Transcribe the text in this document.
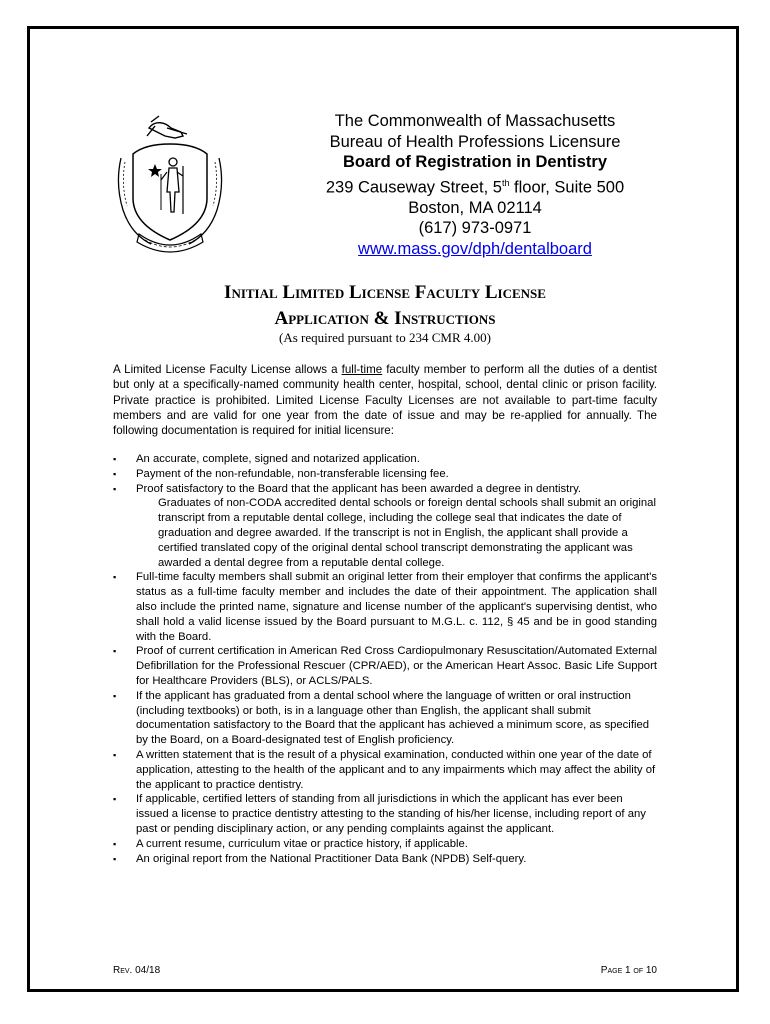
The Commonwealth of Massachusetts
Bureau of Health Professions Licensure
Board of Registration in Dentistry
239 Causeway Street, 5th floor, Suite 500
Boston, MA 02114
(617) 973-0971
www.mass.gov/dph/dentalboard
Initial Limited License Faculty License
Application & Instructions
(As required pursuant to 234 CMR 4.00)
A Limited License Faculty License allows a full-time faculty member to perform all the duties of a dentist but only at a specifically-named community health center, hospital, school, dental clinic or prison facility. Private practice is prohibited. Limited License Faculty Licenses are not available to part-time faculty members and are valid for one year from the date of issue and may be re-applied for annually. The following documentation is required for initial licensure:
▪ An accurate, complete, signed and notarized application.
▪ Payment of the non-refundable, non-transferable licensing fee.
▪ Proof satisfactory to the Board that the applicant has been awarded a degree in dentistry.
Graduates of non-CODA accredited dental schools or foreign dental schools shall submit an original transcript from a reputable dental college, including the college seal that indicates the date of graduation and degree awarded. If the transcript is not in English, the applicant shall provide a certified translated copy of the original dental school transcript demonstrating the applicant was awarded a dental degree from a reputable dental college.
▪ Full-time faculty members shall submit an original letter from their employer that confirms the applicant's status as a full-time faculty member and includes the date of their appointment. The application shall also include the printed name, signature and license number of the applicant's supervising dentist, who shall hold a valid license issued by the Board pursuant to M.G.L. c. 112, § 45 and be in good standing with the Board.
▪ Proof of current certification in American Red Cross Cardiopulmonary Resuscitation/Automated External Defibrillation for the Professional Rescuer (CPR/AED), or the American Heart Assoc. Basic Life Support for Healthcare Providers (BLS), or ACLS/PALS.
▪ If the applicant has graduated from a dental school where the language of written or oral instruction (including textbooks) or both, is in a language other than English, the applicant shall submit documentation satisfactory to the Board that the applicant has achieved a minimum score, as specified by the Board, on a Board-designated test of English proficiency.
▪ A written statement that is the result of a physical examination, conducted within one year of the date of application, attesting to the health of the applicant and to any impairments which may affect the ability of the applicant to practice dentistry.
▪ If applicable, certified letters of standing from all jurisdictions in which the applicant has ever been issued a license to practice dentistry attesting to the standing of his/her license, including report of any past or pending disciplinary action, or any pending complaints against the applicant.
▪ A current resume, curriculum vitae or practice history, if applicable.
▪ An original report from the National Practitioner Data Bank (NPDB) Self-query.
Rev. 04/18	Page 1 of 10
